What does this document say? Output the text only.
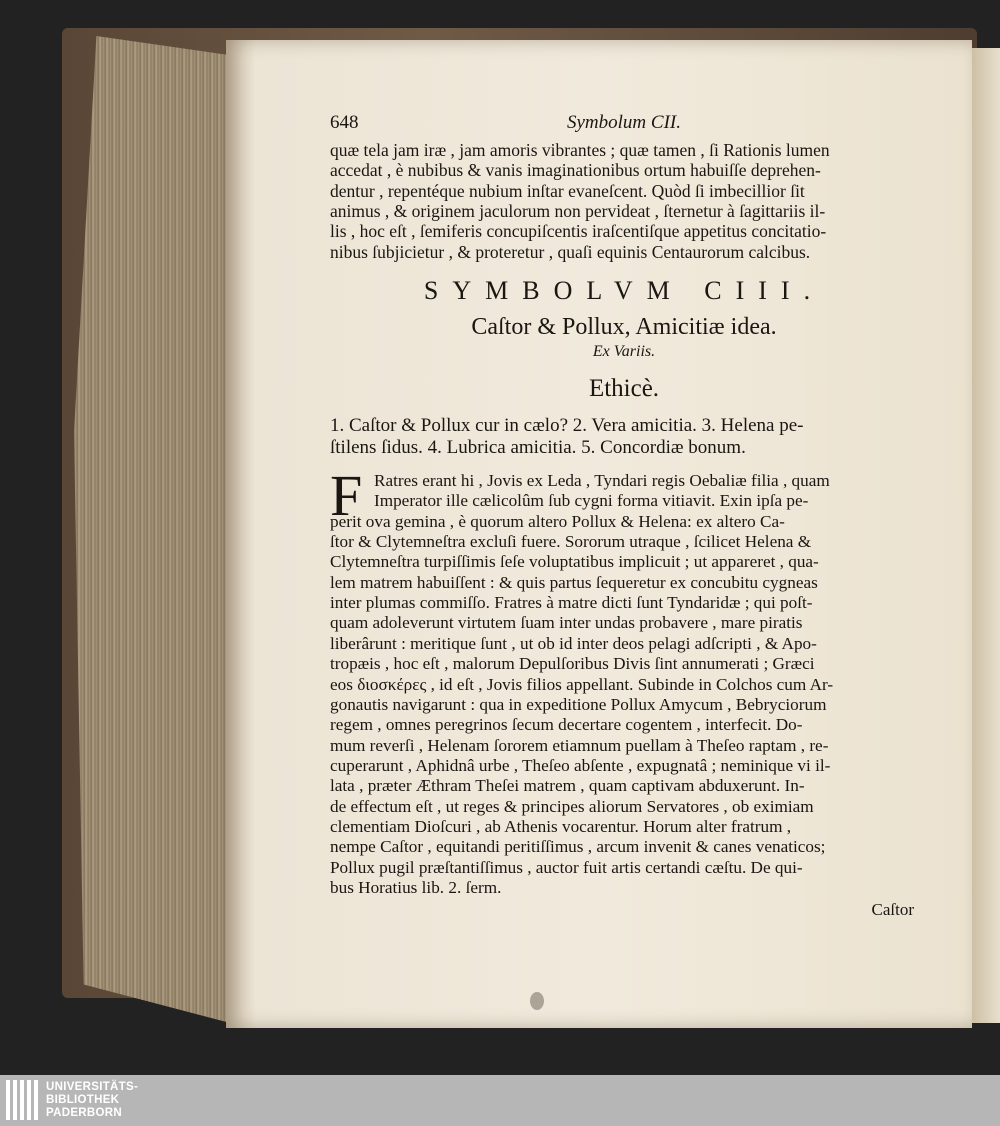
648	Symbolum CII.
quæ tela jam iræ , jam amoris vibrantes ; quæ tamen , ſi Rationis lumen
accedat , è nubibus & vanis imaginationibus ortum habuiſſe deprehen-
dentur , repentéque nubium inſtar evaneſcent. Quòd ſi imbecillior ſit
animus , & originem jaculorum non pervideat , ſternetur à ſagittariis il-
lis , hoc eſt , ſemiferis concupiſcentis iraſcentiſque appetitus concitatio-
nibus ſubjicietur , & proteretur , quaſi equinis Centaurorum calcibus.
SYMBOLVM CIII.
Caſtor & Pollux, Amicitiæ idea.
Ex Variis.
Ethicè.
1. Caſtor & Pollux cur in cælo? 2. Vera amicitia. 3. Helena pe-
ſtilens ſidus. 4. Lubrica amicitia. 5. Concordiæ bonum.
F Ratres erant hi , Jovis ex Leda , Tyndari regis Oebaliæ filia , quam
Imperator ille cælicolûm ſub cygni forma vitiavit. Exin ipſa pe-
perit ova gemina , è quorum altero Pollux & Helena: ex altero Ca-
ſtor & Clytemneſtra excluſi fuere. Sororum utraque , ſcilicet Helena &
Clytemneſtra turpiſſimis ſeſe voluptatibus implicuit ; ut appareret , qua-
lem matrem habuiſſent : & quis partus ſequeretur ex concubitu cygneas
inter plumas commiſſo. Fratres à matre dicti ſunt Tyndaridæ ; qui poſt-
quam adoleverunt virtutem ſuam inter undas probavere , mare piratis
liberârunt : meritique ſunt , ut ob id inter deos pelagi adſcripti , & Apo-
tropæis , hoc eſt , malorum Depulſoribus Divis ſint annumerati ; Græci
eos διοσκέρες , id eſt , Jovis filios appellant. Subinde in Colchos cum Ar-
gonautis navigarunt : qua in expeditione Pollux Amycum , Bebryciorum
regem , omnes peregrinos ſecum decertare cogentem , interfecit. Do-
mum reverſi , Helenam ſororem etiamnum puellam à Theſeo raptam , re-
cuperarunt , Aphidnâ urbe , Theſeo abſente , expugnatâ ; neminique vi il-
lata , præter Æthram Theſei matrem , quam captivam abduxerunt. In-
de effectum eſt , ut reges & principes aliorum Servatores , ob eximiam
clementiam Dioſcuri , ab Athenis vocarentur. Horum alter fratrum ,
nempe Caſtor , equitandi peritiſſimus , arcum invenit & canes venaticos;
Pollux pugil præſtantiſſimus , auctor fuit artis certandi cæſtu. De qui-
bus Horatius lib. 2. ſerm.
Caſtor
UNIVERSITÄTS-
BIBLIOTHEK
PADERBORN
